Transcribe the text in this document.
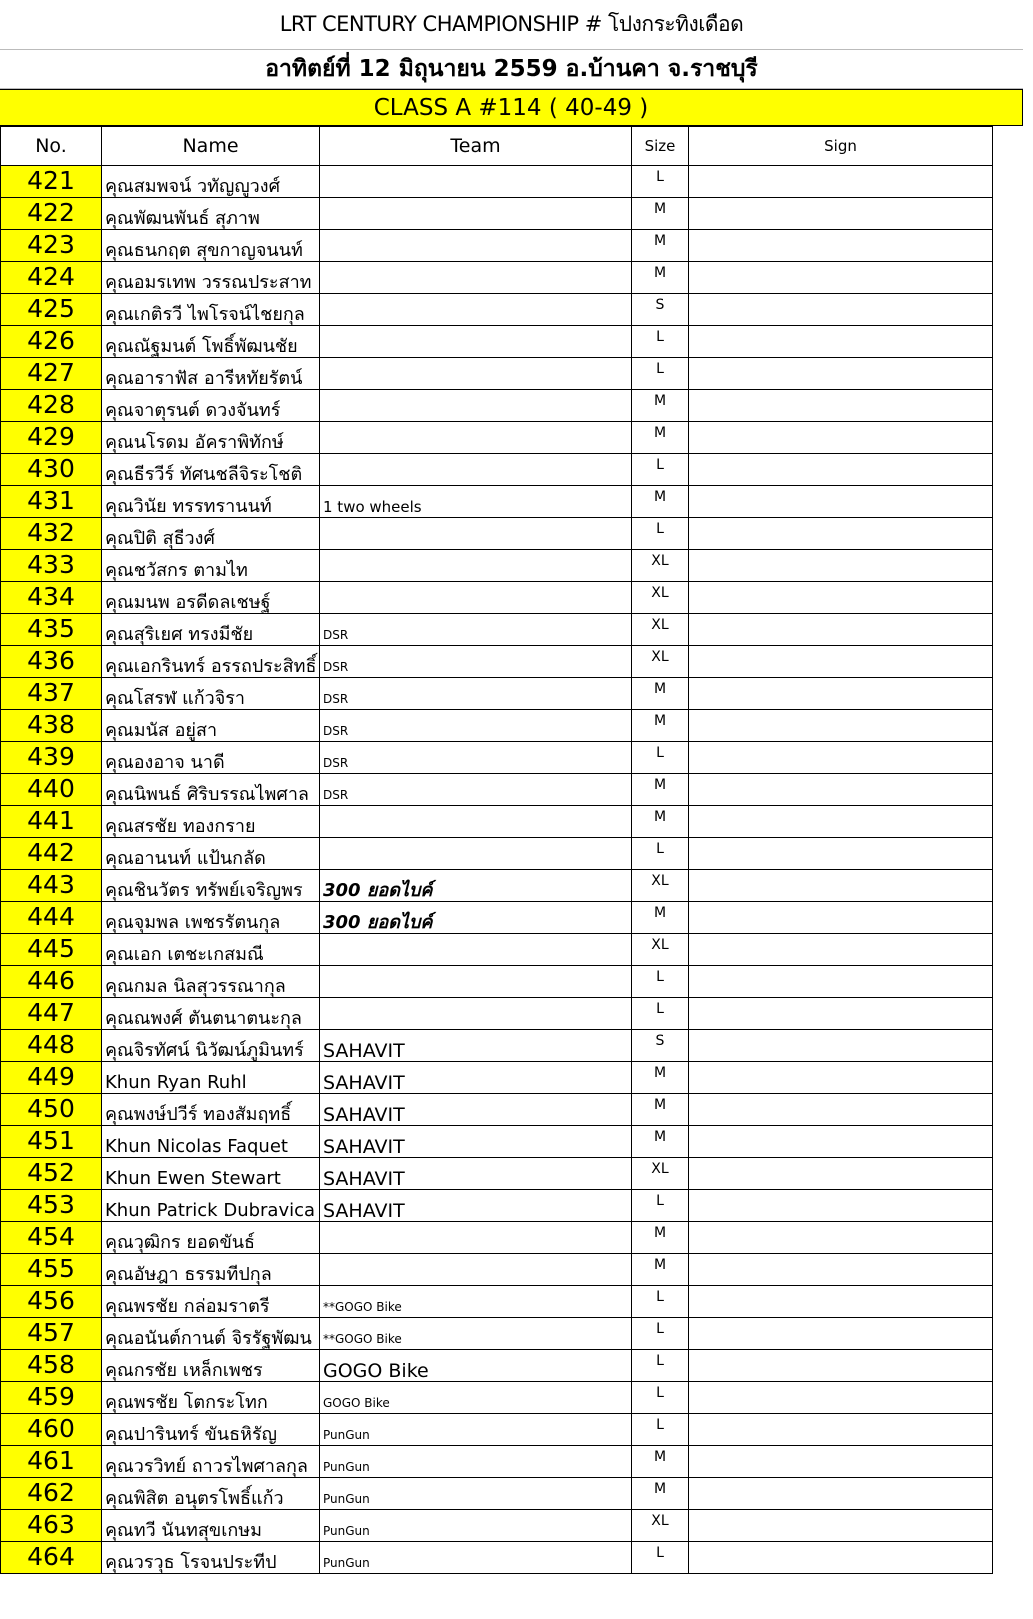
LRT CENTURY CHAMPIONSHIP # โปงกระทิงเดือด
อาทิตย์ที่ 12 มิถุนายน 2559 อ.บ้านคา จ.ราชบุรี
CLASS A #114 ( 40-49 )
No.	Name	Team	Size	Sign	
421	คุณสมพจน์ วทัญญูวงศ์		L		
422	คุณพัฒนพันธ์ สุภาพ		M		
423	คุณธนกฤต สุขกาญจนนท์		M		
424	คุณอมรเทพ วรรณประสาท		M		
425	คุณเกติรวี ไพโรจน์ไชยกุล		S		
426	คุณณัฐมนต์ โพธิ์พัฒนชัย		L		
427	คุณอาราฟัส อารีหทัยรัตน์		L		
428	คุณจาตุรนต์ ดวงจันทร์		M		
429	คุณนโรดม อัคราพิทักษ์		M		
430	คุณธีรวีร์ ทัศนชลีจิระโชติ		L		
431	คุณวินัย ทรรทรานนท์	1 two wheels	M		
432	คุณปิติ สุธีวงศ์		L		
433	คุณชวัสกร ตามไท		XL		
434	คุณมนพ อรดีดลเชษฐ์		XL		
435	คุณสุริเยศ ทรงมีชัย	DSR	XL		
436	คุณเอกรินทร์ อรรถประสิทธิ์	DSR	XL		
437	คุณโสรฬ แก้วจิรา	DSR	M		
438	คุณมนัส อยู่สา	DSR	M		
439	คุณองอาจ นาดี	DSR	L		
440	คุณนิพนธ์ ศิริบรรณไพศาล	DSR	M		
441	คุณสรชัย ทองกราย		M		
442	คุณอานนท์ แป้นกลัด		L		
443	คุณชินวัตร ทรัพย์เจริญพร	300 ยอดไบค์	XL		
444	คุณจุมพล เพชรรัตนกุล	300 ยอดไบค์	M		
445	คุณเอก เตชะเกสมณี		XL		
446	คุณกมล นิลสุวรรณากุล		L		
447	คุณณพงศ์ ตันตนาตนะกุล		L		
448	คุณจิรทัศน์ นิวัฒน์ภูมินทร์	SAHAVIT	S		
449	Khun Ryan Ruhl	SAHAVIT	M		
450	คุณพงษ์ปวีร์ ทองสัมฤทธิ์	SAHAVIT	M		
451	Khun Nicolas Faquet	SAHAVIT	M		
452	Khun Ewen Stewart	SAHAVIT	XL		
453	Khun Patrick Dubravica	SAHAVIT	L		
454	คุณวุฒิกร ยอดขันธ์		M		
455	คุณอัษฎา ธรรมทีปกุล		M		
456	คุณพรชัย กล่อมราตรี	**GOGO Bike	L		
457	คุณอนันต์กานต์ จิรรัฐพัฒน	**GOGO Bike	L		
458	คุณกรชัย เหล็กเพชร	GOGO Bike	L		
459	คุณพรชัย โตกระโทก	GOGO Bike	L		
460	คุณปารินทร์ ขันธหิรัญ	PunGun	L		
461	คุณวรวิทย์ ถาวรไพศาลกุล	PunGun	M		
462	คุณพิสิต อนุตรโพธิ์แก้ว	PunGun	M		
463	คุณทวี นันทสุขเกษม	PunGun	XL		
464	คุณวรวุธ โรจนประทีป	PunGun	L		
